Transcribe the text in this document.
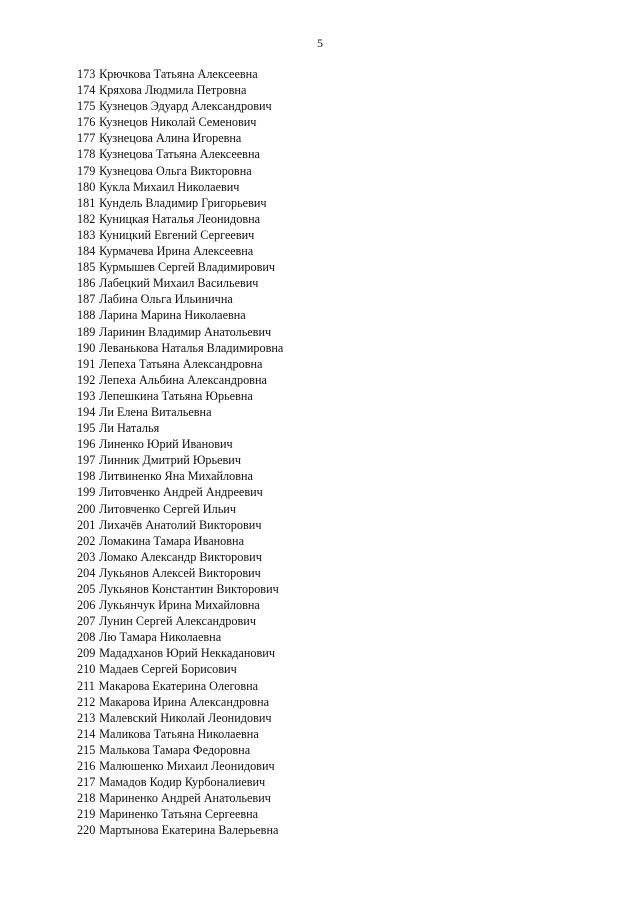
5
173 Крючкова Татьяна Алексеевна
174 Кряхова Людмила Петровна
175 Кузнецов Эдуард Александрович
176 Кузнецов Николай Семенович
177 Кузнецова Алина Игоревна
178 Кузнецова Татьяна Алексеевна
179 Кузнецова Ольга Викторовна
180 Кукла Михаил Николаевич
181 Кундель Владимир Григорьевич
182 Куницкая Наталья Леонидовна
183 Куницкий Евгений Сергеевич
184 Курмачева Ирина Алексеевна
185 Курмышев Сергей Владимирович
186 Лабецкий Михаил Васильевич
187 Лабина Ольга Ильинична
188 Ларина Марина Николаевна
189 Ларинин Владимир Анатольевич
190 Леванькова Наталья Владимировна
191 Лепеха Татьяна Александровна
192 Лепеха Альбина Александровна
193 Лепешкина Татьяна Юрьевна
194 Ли Елена Витальевна
195 Ли Наталья
196 Линенко Юрий Иванович
197 Линник Дмитрий Юрьевич
198 Литвиненко Яна Михайловна
199 Литовченко Андрей Андреевич
200 Литовченко Сергей Ильич
201 Лихачёв Анатолий Викторович
202 Ломакина Тамара Ивановна
203 Ломако Александр Викторович
204 Лукьянов Алексей Викторович
205 Лукьянов Константин Викторович
206 Лукьянчук Ирина Михайловна
207 Лунин Сергей Александрович
208 Лю Тамара Николаевна
209 Мададханов Юрий Неккаданович
210 Мадаев Сергей Борисович
211 Макарова Екатерина Олеговна
212 Макарова Ирина Александровна
213 Малевский Николай Леонидович
214 Маликова Татьяна Николаевна
215 Малькова Тамара Федоровна
216 Малюшенко Михаил Леонидович
217 Мамадов Кодир Курбоналиевич
218 Мариненко Андрей Анатольевич
219 Мариненко Татьяна Сергеевна
220 Мартынова Екатерина Валерьевна
